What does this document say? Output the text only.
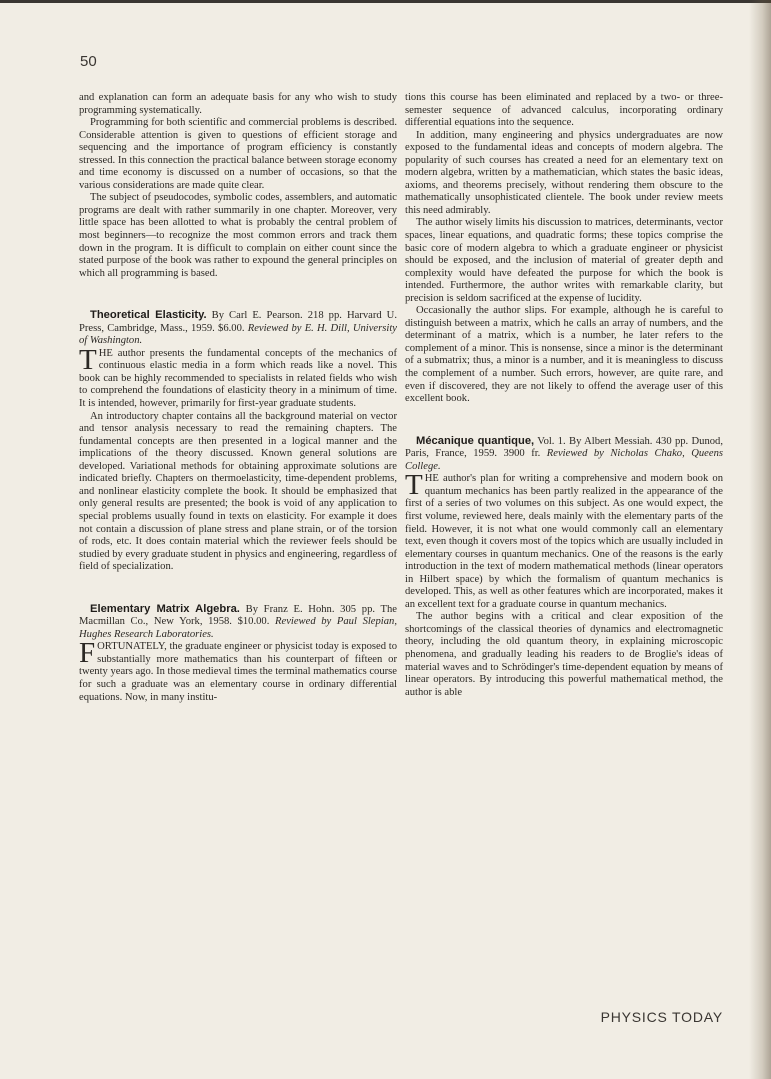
50

and explanation can form an adequate basis for any who wish to study programming systematically.

Programming for both scientific and commercial problems is described. Considerable attention is given to questions of efficient storage and sequencing and the importance of program efficiency is constantly stressed. In this connection the practical balance between storage economy and time economy is discussed on a number of occasions, so that the various considerations are made quite clear.

The subject of pseudocodes, symbolic codes, assemblers, and automatic programs are dealt with rather summarily in one chapter. Moreover, very little space has been allotted to what is probably the central problem of most beginners—to recognize the most common errors and track them down in the program. It is difficult to complain on either count since the stated purpose of the book was rather to expound the general principles on which all programming is based.

Theoretical Elasticity. By Carl E. Pearson. 218 pp. Harvard U. Press, Cambridge, Mass., 1959. $6.00. Reviewed by E. H. Dill, University of Washington.

THE author presents the fundamental concepts of the mechanics of continuous elastic media in a form which reads like a novel. This book can be highly recommended to specialists in related fields who wish to comprehend the foundations of elasticity theory in a minimum of time. It is intended, however, primarily for first-year graduate students.

An introductory chapter contains all the background material on vector and tensor analysis necessary to read the remaining chapters. The fundamental concepts are then presented in a logical manner and the implications of the theory discussed. Known general solutions are developed. Variational methods for obtaining approximate solutions are indicated briefly. Chapters on thermoelasticity, time-dependent problems, and nonlinear elasticity complete the book. It should be emphasized that only general results are presented; the book is void of any application to special problems usually found in texts on elasticity. For example it does not contain a discussion of plane stress and plane strain, or of the torsion of rods, etc. It does contain material which the reviewer feels should be studied by every graduate student in physics and engineering, regardless of field of specialization.

Elementary Matrix Algebra. By Franz E. Hohn. 305 pp. The Macmillan Co., New York, 1958. $10.00. Reviewed by Paul Slepian, Hughes Research Laboratories.

FORTUNATELY, the graduate engineer or physicist today is exposed to substantially more mathematics than his counterpart of fifteen or twenty years ago. In those medieval times the terminal mathematics course for such a graduate was an elementary course in ordinary differential equations. Now, in many institu-

tions this course has been eliminated and replaced by a two- or three-semester sequence of advanced calculus, incorporating ordinary differential equations into the sequence.

In addition, many engineering and physics undergraduates are now exposed to the fundamental ideas and concepts of modern algebra. The popularity of such courses has created a need for an elementary text on modern algebra, written by a mathematician, which states the basic ideas, axioms, and theorems precisely, without rendering them obscure to the mathematically unsophisticated clientele. The book under review meets this need admirably.

The author wisely limits his discussion to matrices, determinants, vector spaces, linear equations, and quadratic forms; these topics comprise the basic core of modern algebra to which a graduate engineer or physicist should be exposed, and the inclusion of material of greater depth and complexity would have defeated the purpose for which the book is intended. Furthermore, the author writes with remarkable clarity, but precision is seldom sacrificed at the expense of lucidity.

Occasionally the author slips. For example, although he is careful to distinguish between a matrix, which he calls an array of numbers, and the determinant of a matrix, which is a number, he later refers to the complement of a minor. This is nonsense, since a minor is the determinant of a submatrix; thus, a minor is a number, and it is meaningless to discuss the complement of a number. Such errors, however, are quite rare, and even if discovered, they are not likely to offend the average user of this excellent book.

Mécanique quantique, Vol. 1. By Albert Messiah. 430 pp. Dunod, Paris, France, 1959. 3900 fr. Reviewed by Nicholas Chako, Queens College.

THE author's plan for writing a comprehensive and modern book on quantum mechanics has been partly realized in the appearance of the first of a series of two volumes on this subject. As one would expect, the first volume, reviewed here, deals mainly with the elementary parts of the field. However, it is not what one would commonly call an elementary text, even though it covers most of the topics which are usually included in elementary courses in quantum mechanics. One of the reasons is the early introduction in the text of modern mathematical methods (linear operators in Hilbert space) by which the formalism of quantum mechanics is developed. This, as well as other features which are incorporated, makes it an excellent text for a graduate course in quantum mechanics.

The author begins with a critical and clear exposition of the shortcomings of the classical theories of dynamics and electromagnetic theory, including the old quantum theory, in explaining microscopic phenomena, and gradually leading his readers to de Broglie's ideas of material waves and to Schrödinger's time-dependent equation by means of linear operators. By introducing this powerful mathematical method, the author is able

PHYSICS TODAY
